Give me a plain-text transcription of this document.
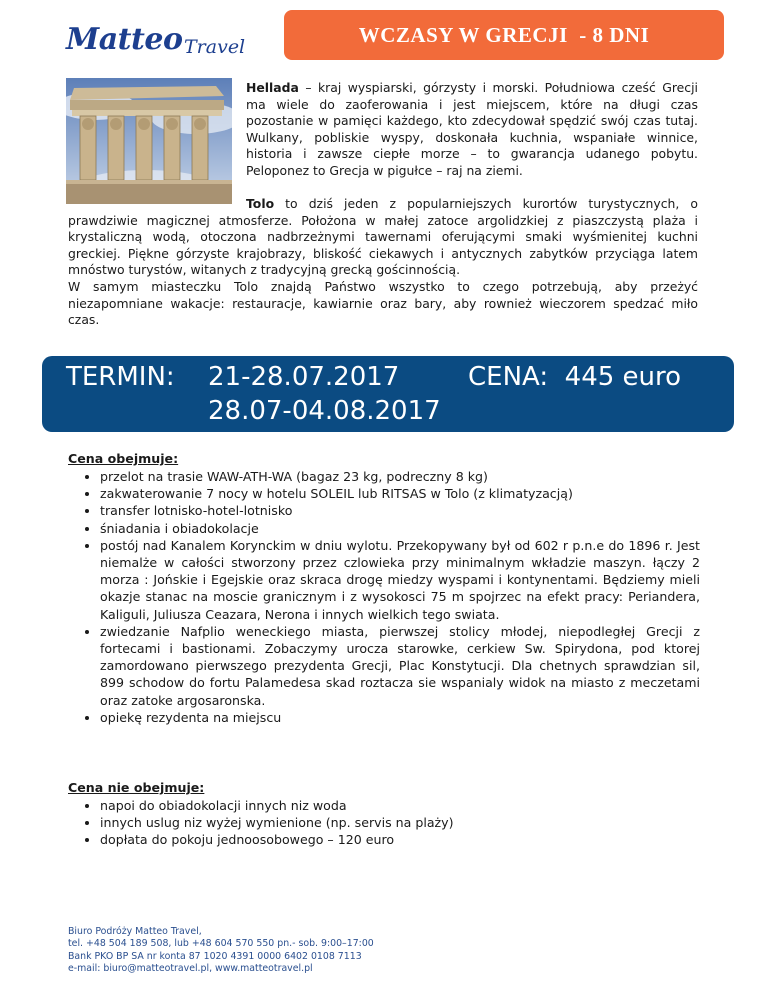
Matteo Travel
WCZASY W GRECJI  - 8 DNI

Hellada – kraj wyspiarski, górzysty i morski. Południowa cześć Grecji ma wiele do zaoferowania i jest miejscem, które na długi czas pozostanie w pamięci każdego, kto zdecydował spędzić swój czas tutaj. Wulkany, pobliskie wyspy, doskonała kuchnia, wspaniałe winnice, historia i zawsze ciepłe morze – to gwarancja udanego pobytu. Peloponez to Grecja w pigułce – raj na ziemi.

Tolo to dziś jeden z popularniejszych kurortów turystycznych, o prawdziwie magicznej atmosferze. Położona w małej zatoce argolidzkiej z piaszczystą plaża i krystaliczną wodą, otoczona nadbrzeżnymi tawernami oferującymi smaki wyśmienitej kuchni greckiej. Piękne górzyste krajobrazy, bliskość ciekawych i antycznych zabytków przyciąga latem mnóstwo turystów, witanych z tradycyjną grecką gościnnością.
W samym miasteczku Tolo znajdą Państwo wszystko to czego potrzebują, aby przeżyć niezapomniane wakacje: restauracje, kawiarnie oraz bary, aby rownież wieczorem spedzać miło czas.
TERMIN: 21-28.07.2017
28.07-04.08.2017
CENA:  445 euro

Cena obejmuje:

• przelot na trasie WAW-ATH-WA (bagaz 23 kg, podreczny 8 kg)
• zakwaterowanie 7 nocy w hotelu SOLEIL lub RITSAS w Tolo (z klimatyzacją)
• transfer lotnisko-hotel-lotnisko
• śniadania i obiadokolacje
• postój nad Kanalem Korynckim w dniu wylotu. Przekopywany był od 602 r p.n.e do 1896 r. Jest niemalże w całości stworzony przez czlowieka przy minimalnym wkładzie maszyn. łączy 2 morza : Jońskie i Egejskie oraz skraca drogę miedzy wyspami i kontynentami. Będziemy mieli okazje stanac na moscie granicznym i z wysokosci 75 m spojrzec na efekt pracy: Periandera, Kaliguli, Juliusza Ceazara, Nerona i innych wielkich tego swiata.
• zwiedzanie Nafplio weneckiego miasta, pierwszej stolicy młodej, niepodległej Grecji z fortecami i bastionami. Zobaczymy urocza starowke, cerkiew Sw. Spirydona, pod ktorej zamordowano pierwszego prezydenta Grecji, Plac Konstytucji. Dla chetnych sprawdzian sil, 899 schodow do fortu Palamedesa skad roztacza sie wspanialy widok na miasto z meczetami oraz zatoke argosaronska.
• opiekę rezydenta na miejscu

Cena nie obejmuje:

• napoi do obiadokolacji innych niz woda
• innych uslug niz wyżej wymienione (np. servis na plaży)
• dopłata do pokoju jednoosobowego – 120 euro
Biuro Podróży Matteo Travel,
tel. +48 504 189 508, lub +48 604 570 550 pn.- sob. 9:00–17:00
Bank PKO BP SA nr konta 87 1020 4391 0000 6402 0108 7113
e-mail: biuro@matteotravel.pl, www.matteotravel.pl
